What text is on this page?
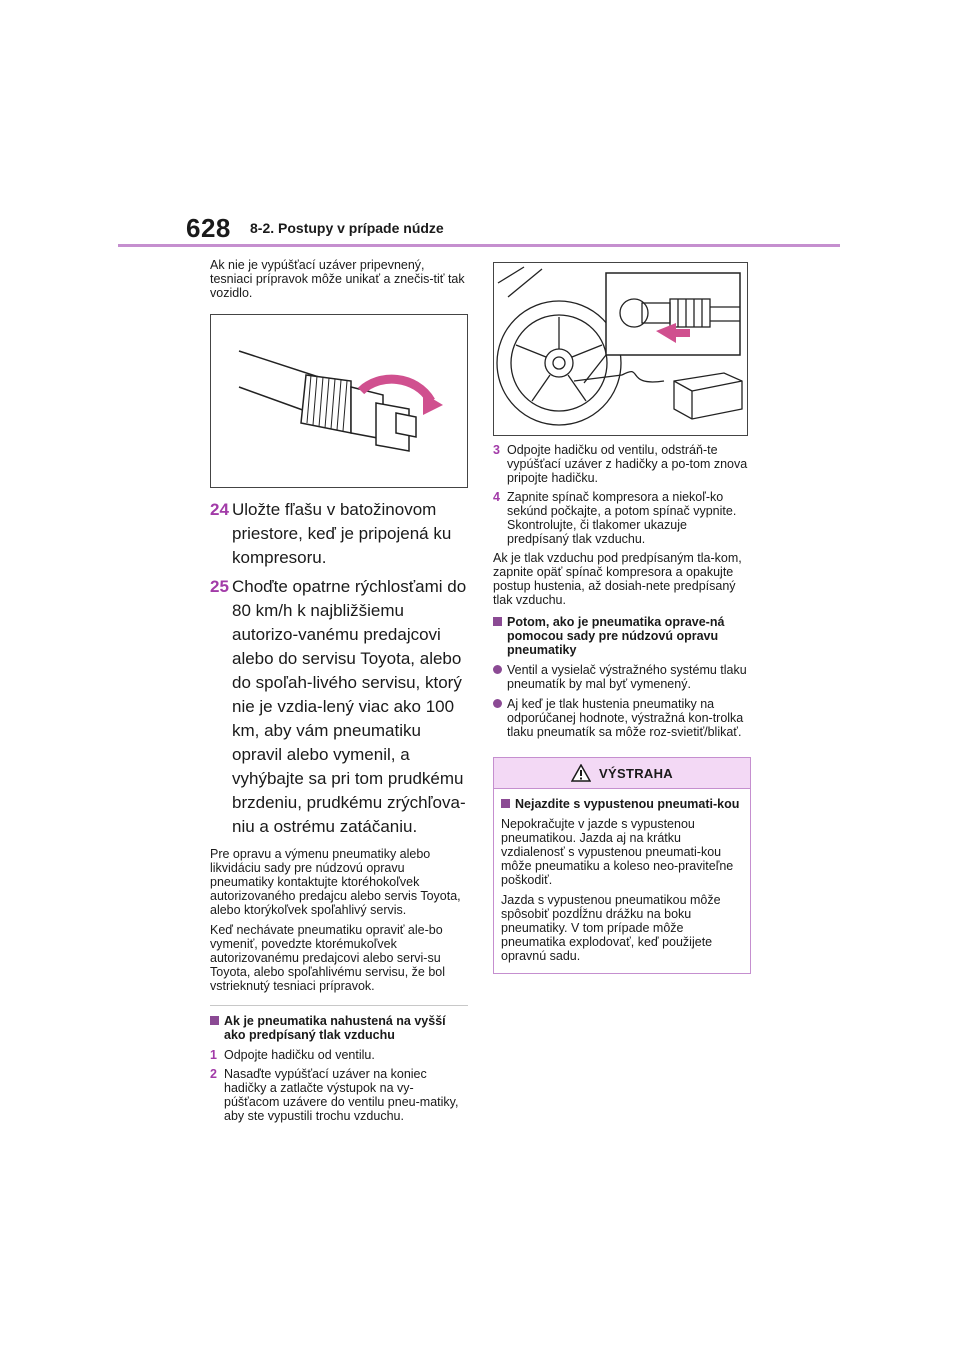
628 8-2. Postupy v prípade núdze

Ak nie je vypúšťací uzáver pripevnený, tesniaci prípravok môže unikať a znečis-tiť tak vozidlo.

24 Uložte fľašu v batožinovom priestore, keď je pripojená ku kompresoru.
25 Choďte opatrne rýchlosťami do 80 km/h k najbližšiemu autorizo-vanému predajcovi alebo do servisu Toyota, alebo do spoľah-livého servisu, ktorý nie je vzdia-lený viac ako 100 km, aby vám pneumatiku opravil alebo vymenil, a vyhýbajte sa pri tom prudkému brzdeniu, prudkému zrýchľova-niu a ostrému zatáčaniu.

Pre opravu a výmenu pneumatiky alebo likvidáciu sady pre núdzovú opravu pneumatiky kontaktujte ktoréhokoľvek autorizovaného predajcu alebo servis Toyota, alebo ktorýkoľvek spoľahlivý servis.

Keď nechávate pneumatiku opraviť ale-bo vymeniť, povedzte ktorémukoľvek autorizovanému predajcovi alebo servi-su Toyota, alebo spoľahlivému servisu, že bol vstrieknutý tesniaci prípravok.

Ak je pneumatika nahustená na vyšší ako predpísaný tlak vzduchu
1 Odpojte hadičku od ventilu.
2 Nasaďte vypúšťací uzáver na koniec hadičky a zatlačte výstupok na vy-púšťacom uzávere do ventilu pneu-matiky, aby ste vypustili trochu vzduchu.
3 Odpojte hadičku od ventilu, odstráň-te vypúšťací uzáver z hadičky a po-tom znova pripojte hadičku.
4 Zapnite spínač kompresora a niekoľ-ko sekúnd počkajte, a potom spínač vypnite. Skontrolujte, či tlakomer ukazuje predpísaný tlak vzduchu.

Ak je tlak vzduchu pod predpísaným tla-kom, zapnite opäť spínač kompresora a opakujte postup hustenia, až dosiah-nete predpísaný tlak vzduchu.

Potom, ako je pneumatika oprave-ná pomocou sady pre núdzovú opravu pneumatiky
Ventil a vysielač výstražného systému tlaku pneumatík by mal byť vymenený.
Aj keď je tlak hustenia pneumatiky na odporúčanej hodnote, výstražná kon-trolka tlaku pneumatík sa môže roz-svietiť/blikať.
VÝSTRAHA
Nejazdite s vypustenou pneumati-kou

Nepokračujte v jazde s vypustenou pneumatikou. Jazda aj na krátku vzdialenosť s vypustenou pneumati-kou môže pneumatiku a koleso neo-praviteľne poškodiť.

Jazda s vypustenou pneumatikou môže spôsobiť pozdĺžnu drážku na boku pneumatiky. V tom prípade môže pneumatika explodovať, keď použijete opravnú sadu.
